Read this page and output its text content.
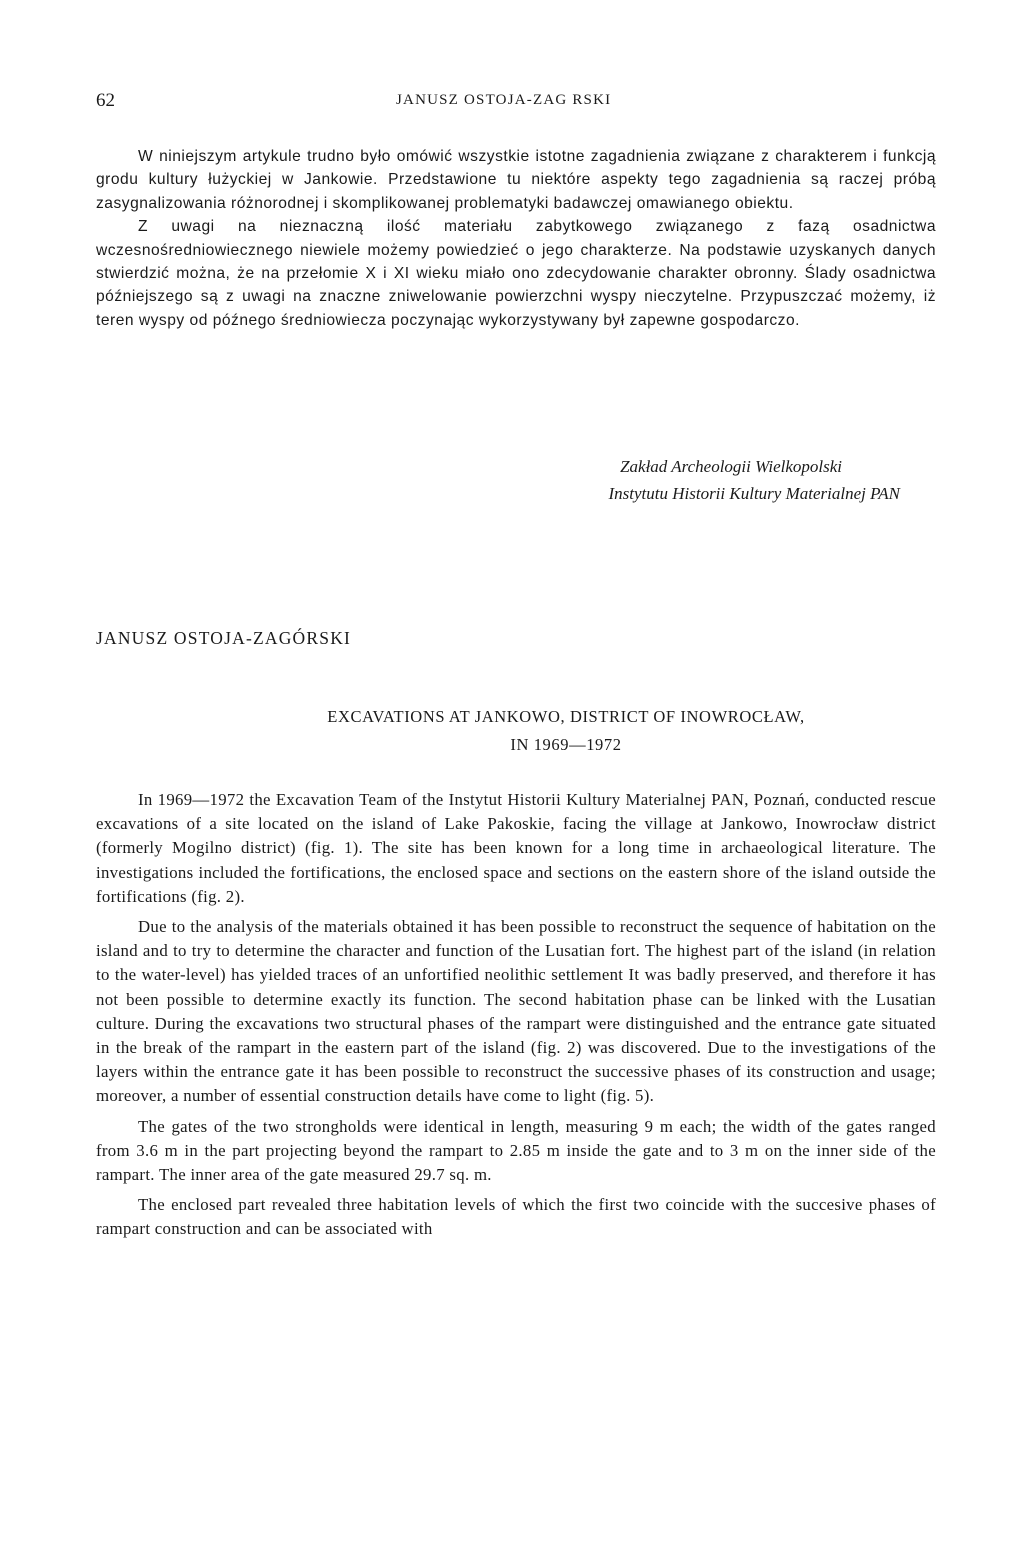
62	JANUSZ OSTOJA-ZAG RSKI

W niniejszym artykule trudno było omówić wszystkie istotne zagadnienia związane z charakterem i funkcją grodu kultury łużyckiej w Jankowie. Przedstawione tu niektóre aspekty tego zagadnienia są raczej próbą zasygnalizowania różnorodnej i skomplikowanej problematyki badawczej omawianego obiektu.

Z uwagi na nieznaczną ilość materiału zabytkowego związanego z fazą osadnictwa wczesnośredniowiecznego niewiele możemy powiedzieć o jego charakterze. Na podstawie uzyskanych danych stwierdzić można, że na przełomie X i XI wieku miało ono zdecydowanie charakter obronny. Ślady osadnictwa późniejszego są z uwagi na znaczne zniwelowanie powierzchni wyspy nieczytelne. Przypuszczać możemy, iż teren wyspy od późnego średniowiecza poczynając wykorzystywany był zapewne gospodarczo.

Zakład Archeologii Wielkopolski
Instytutu Historii Kultury Materialnej PAN
JANUSZ OSTOJA-ZAGÓRSKI
EXCAVATIONS AT JANKOWO, DISTRICT OF INOWROCŁAW,
IN 1969—1972

In 1969—1972 the Excavation Team of the Instytut Historii Kultury Materialnej PAN, Poznań, conducted rescue excavations of a site located on the island of Lake Pakoskie, facing the village at Jankowo, Inowrocław district (formerly Mogilno district) (fig. 1). The site has been known for a long time in archaeological literature. The investigations included the fortifications, the enclosed space and sections on the eastern shore of the island outside the fortifications (fig. 2).

Due to the analysis of the materials obtained it has been possible to reconstruct the sequence of habitation on the island and to try to determine the character and function of the Lusatian fort. The highest part of the island (in relation to the water-level) has yielded traces of an unfortified neolithic settlement It was badly preserved, and therefore it has not been possible to determine exactly its function. The second habitation phase can be linked with the Lusatian culture. During the excavations two structural phases of the rampart were distinguished and the entrance gate situated in the break of the rampart in the eastern part of the island (fig. 2) was discovered. Due to the investigations of the layers within the entrance gate it has been possible to reconstruct the successive phases of its construction and usage; moreover, a number of essential construction details have come to light (fig. 5).

The gates of the two strongholds were identical in length, measuring 9 m each; the width of the gates ranged from 3.6 m in the part projecting beyond the rampart to 2.85 m inside the gate and to 3 m on the inner side of the rampart. The inner area of the gate measured 29.7 sq. m.

The enclosed part revealed three habitation levels of which the first two coincide with the succesive phases of rampart construction and can be associated with
